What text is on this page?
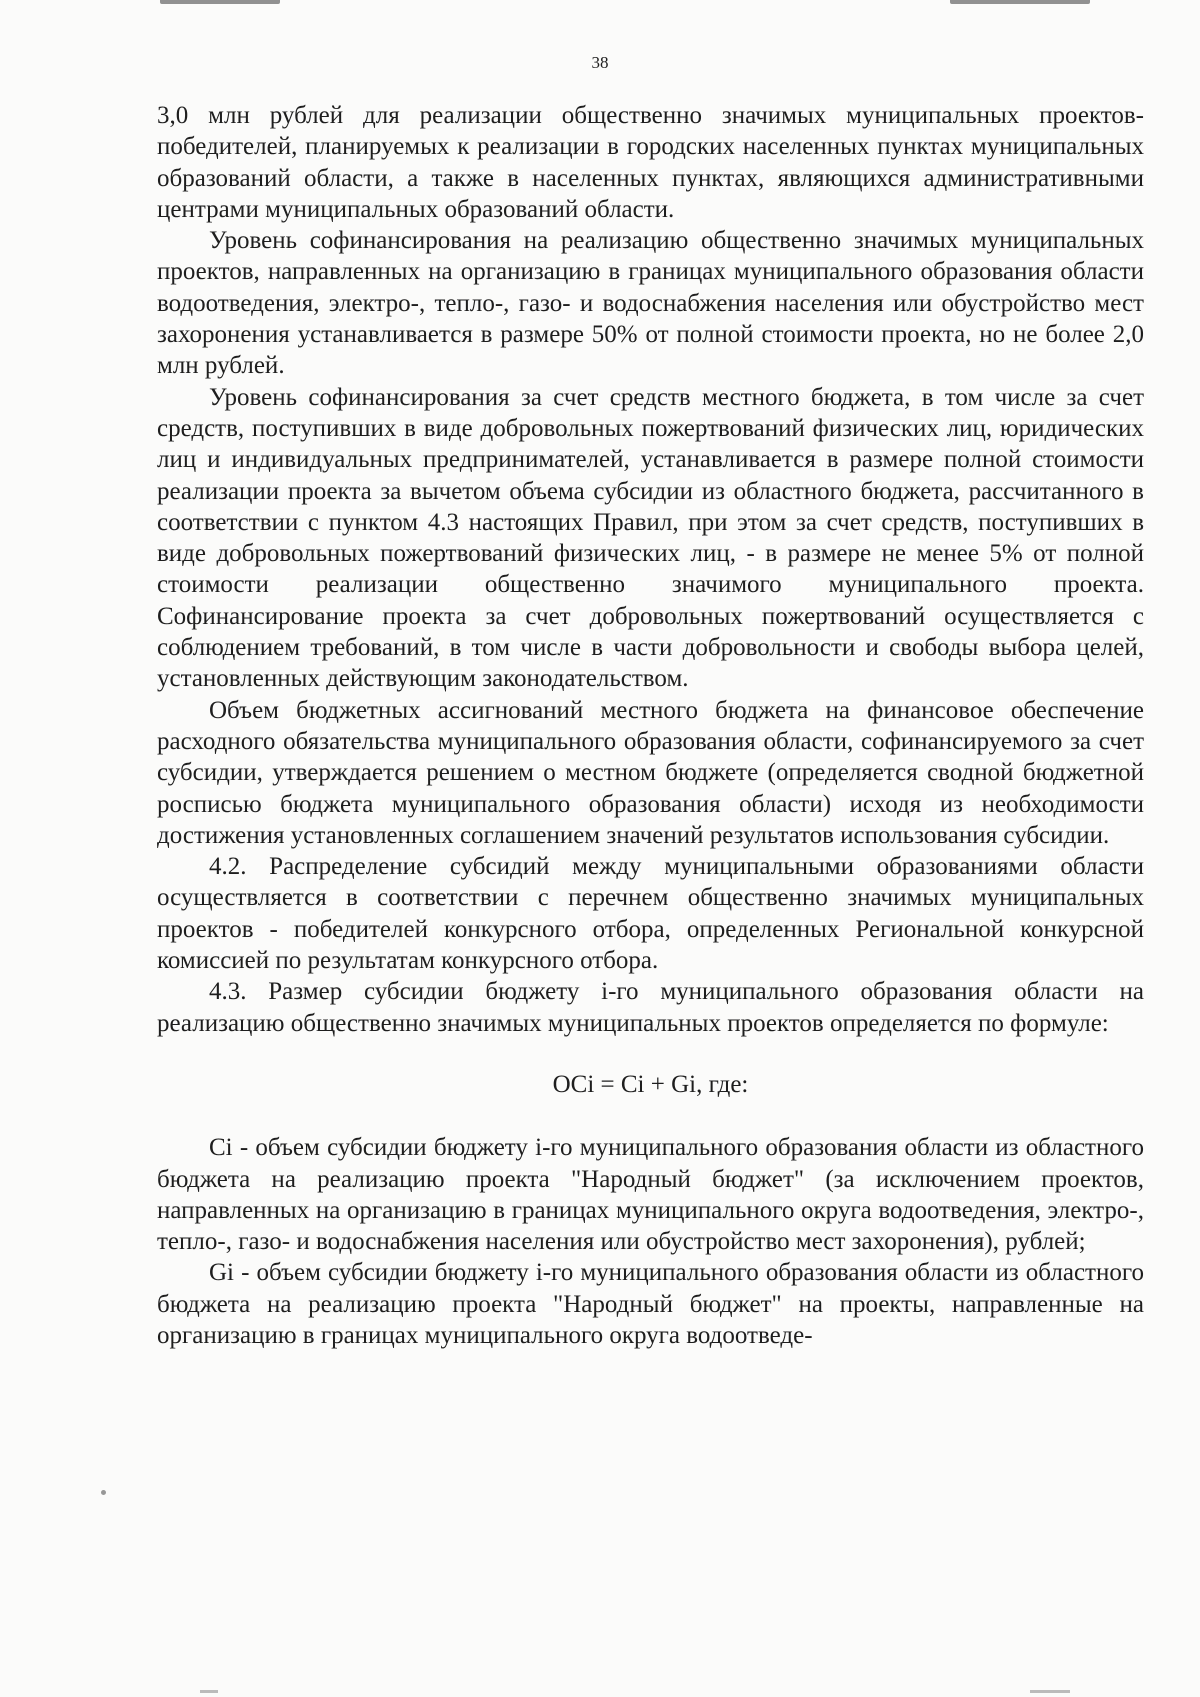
38

3,0 млн рублей для реализации общественно значимых муниципальных проектов-победителей, планируемых к реализации в городских населенных пунктах муниципальных образований области, а также в населенных пунктах, являющихся административными центрами муниципальных образований области.

Уровень софинансирования на реализацию общественно значимых муниципальных проектов, направленных на организацию в границах муниципального образования области водоотведения, электро-, тепло-, газо- и водоснабжения населения или обустройство мест захоронения устанавливается в размере 50% от полной стоимости проекта, но не более 2,0 млн рублей.

Уровень софинансирования за счет средств местного бюджета, в том числе за счет средств, поступивших в виде добровольных пожертвований физических лиц, юридических лиц и индивидуальных предпринимателей, устанавливается в размере полной стоимости реализации проекта за вычетом объема субсидии из областного бюджета, рассчитанного в соответствии с пунктом 4.3 настоящих Правил, при этом за счет средств, поступивших в виде добровольных пожертвований физических лиц, - в размере не менее 5% от полной стоимости реализации общественно значимого муниципального проекта. Софинансирование проекта за счет добровольных пожертвований осуществляется с соблюдением требований, в том числе в части добровольности и свободы выбора целей, установленных действующим законодательством.

Объем бюджетных ассигнований местного бюджета на финансовое обеспечение расходного обязательства муниципального образования области, софинансируемого за счет субсидии, утверждается решением о местном бюджете (определяется сводной бюджетной росписью бюджета муниципального образования области) исходя из необходимости достижения установленных соглашением значений результатов использования субсидии.

4.2. Распределение субсидий между муниципальными образованиями области осуществляется в соответствии с перечнем общественно значимых муниципальных проектов - победителей конкурсного отбора, определенных Региональной конкурсной комиссией по результатам конкурсного отбора.

4.3. Размер субсидии бюджету i-го муниципального образования области на реализацию общественно значимых муниципальных проектов определяется по формуле:

OCi = Ci + Gi, где:

Ci - объем субсидии бюджету i-го муниципального образования области из областного бюджета на реализацию проекта "Народный бюджет" (за исключением проектов, направленных на организацию в границах муниципального округа водоотведения, электро-, тепло-, газо- и водоснабжения населения или обустройство мест захоронения), рублей;

Gi - объем субсидии бюджету i-го муниципального образования области из областного бюджета на реализацию проекта "Народный бюджет" на проекты, направленные на организацию в границах муниципального округа водоотведе-
